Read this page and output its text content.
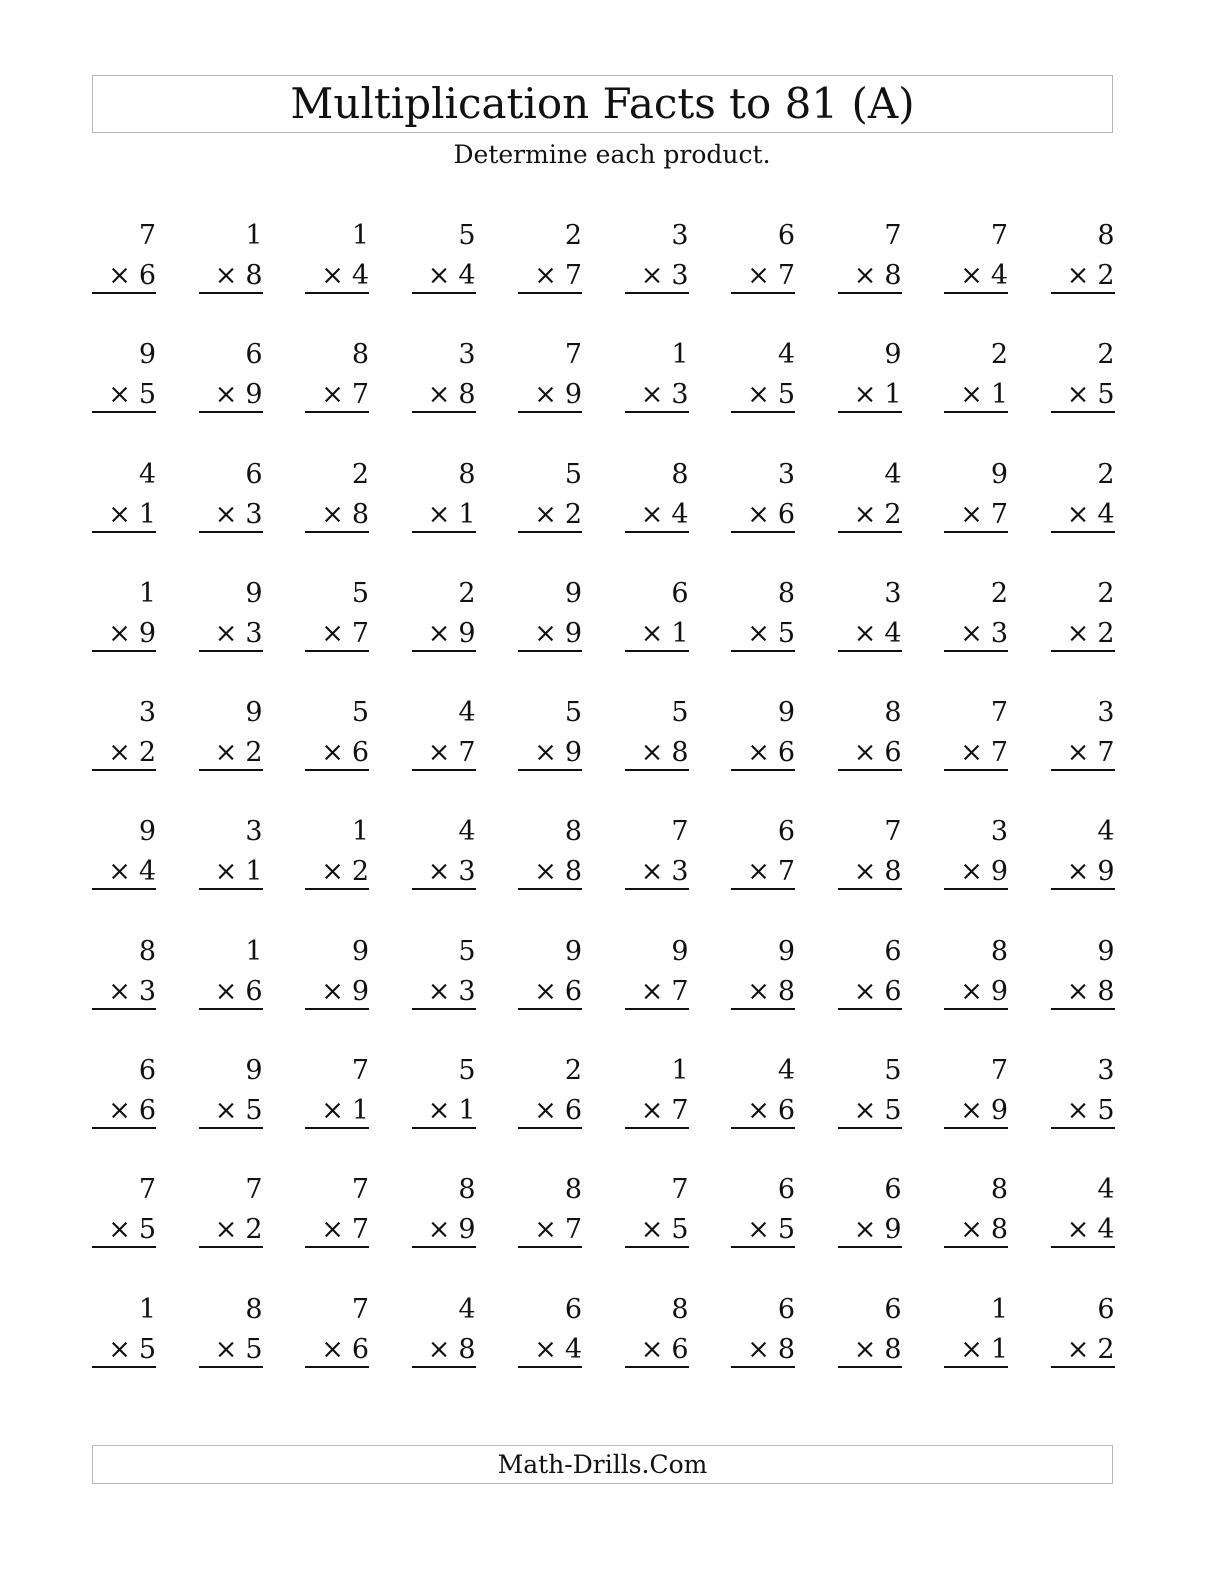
Multiplication Facts to 81 (A)
Determine each product.
7
× 6
1
× 8
1
× 4
5
× 4
2
× 7
3
× 3
6
× 7
7
× 8
7
× 4
8
× 2
9
× 5
6
× 9
8
× 7
3
× 8
7
× 9
1
× 3
4
× 5
9
× 1
2
× 1
2
× 5
4
× 1
6
× 3
2
× 8
8
× 1
5
× 2
8
× 4
3
× 6
4
× 2
9
× 7
2
× 4
1
× 9
9
× 3
5
× 7
2
× 9
9
× 9
6
× 1
8
× 5
3
× 4
2
× 3
2
× 2
3
× 2
9
× 2
5
× 6
4
× 7
5
× 9
5
× 8
9
× 6
8
× 6
7
× 7
3
× 7
9
× 4
3
× 1
1
× 2
4
× 3
8
× 8
7
× 3
6
× 7
7
× 8
3
× 9
4
× 9
8
× 3
1
× 6
9
× 9
5
× 3
9
× 6
9
× 7
9
× 8
6
× 6
8
× 9
9
× 8
6
× 6
9
× 5
7
× 1
5
× 1
2
× 6
1
× 7
4
× 6
5
× 5
7
× 9
3
× 5
7
× 5
7
× 2
7
× 7
8
× 9
8
× 7
7
× 5
6
× 5
6
× 9
8
× 8
4
× 4
1
× 5
8
× 5
7
× 6
4
× 8
6
× 4
8
× 6
6
× 8
6
× 8
1
× 1
6
× 2
Math-Drills.Com
